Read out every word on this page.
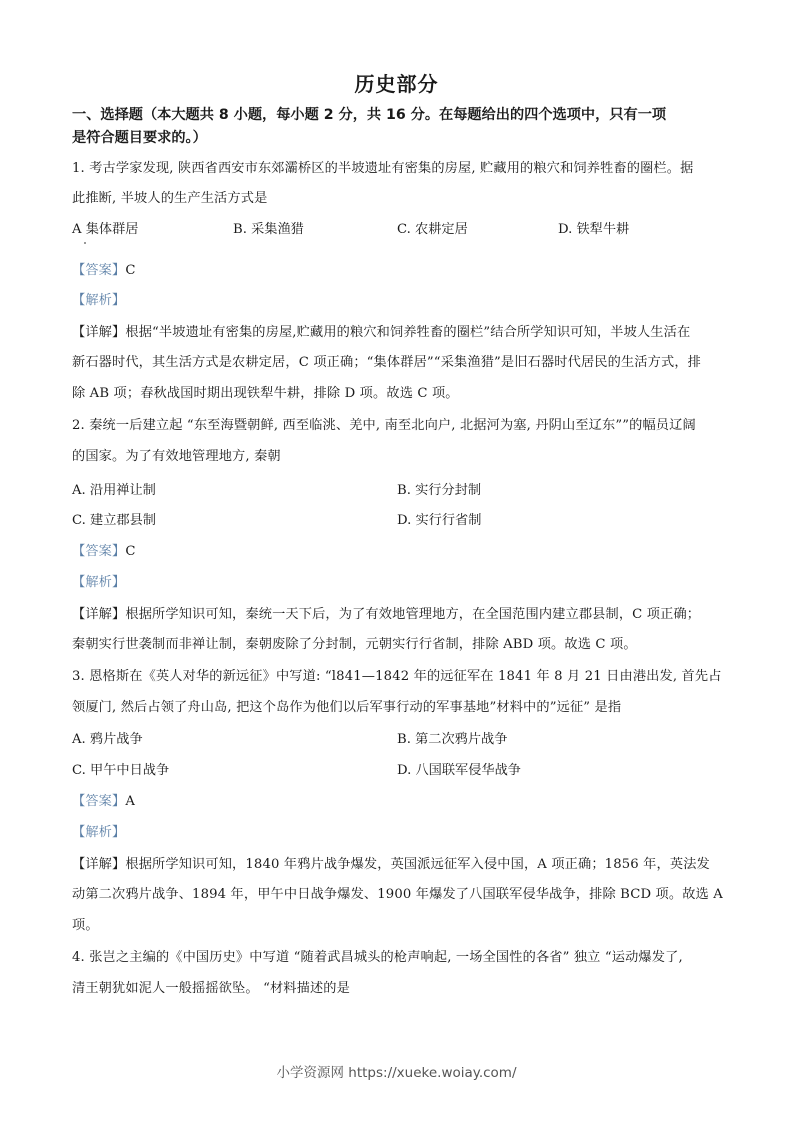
历史部分
一、选择题（本大题共 8 小题，每小题 2 分，共 16 分。在每题给出的四个选项中，只有一项
是符合题目要求的。）
1. 考古学家发现, 陕西省西安市东郊灞桥区的半坡遗址有密集的房屋, 贮藏用的粮穴和饲养牲畜的圈栏。据
此推断, 半坡人的生产生活方式是
A 集体群居	B. 采集渔猎	C. 农耕定居	D. 铁犁牛耕
【答案】C
【解析】
【详解】根据“半坡遗址有密集的房屋,贮藏用的粮穴和饲养牲畜的圈栏”结合所学知识可知，半坡人生活在
新石器时代，其生活方式是农耕定居，C 项正确；“集体群居”“采集渔猎”是旧石器时代居民的生活方式，排
除 AB 项；春秋战国时期出现铁犁牛耕，排除 D 项。故选 C 项。
2. 秦统一后建立起 “东至海暨朝鲜, 西至临洮、羌中, 南至北向户, 北据河为塞, 丹阴山至辽东””的幅员辽阔
的国家。为了有效地管理地方, 秦朝
A. 沿用禅让制	B. 实行分封制
C. 建立郡县制	D. 实行行省制
【答案】C
【解析】
【详解】根据所学知识可知，秦统一天下后，为了有效地管理地方，在全国范围内建立郡县制，C 项正确；
秦朝实行世袭制而非禅让制，秦朝废除了分封制，元朝实行行省制，排除 ABD 项。故选 C 项。
3. 恩格斯在《英人对华的新远征》中写道: “l841—1842 年的远征军在 1841 年 8 月 21 日由港出发, 首先占
领厦门, 然后占领了舟山岛, 把这个岛作为他们以后军事行动的军事基地”材料中的”远征” 是指
A. 鸦片战争	B. 第二次鸦片战争
C. 甲午中日战争	D. 八国联军侵华战争
【答案】A
【解析】
【详解】根据所学知识可知，1840 年鸦片战争爆发，英国派远征军入侵中国，A 项正确；1856 年，英法发
动第二次鸦片战争、1894 年，甲午中日战争爆发、1900 年爆发了八国联军侵华战争，排除 BCD 项。故选 A
项。
4. 张岂之主编的《中国历史》中写道 “随着武昌城头的枪声响起, 一场全国性的各省” 独立 “运动爆发了,
清王朝犹如泥人一般摇摇欲坠。 “材料描述的是
小学资源网 https://xueke.woiay.com/
